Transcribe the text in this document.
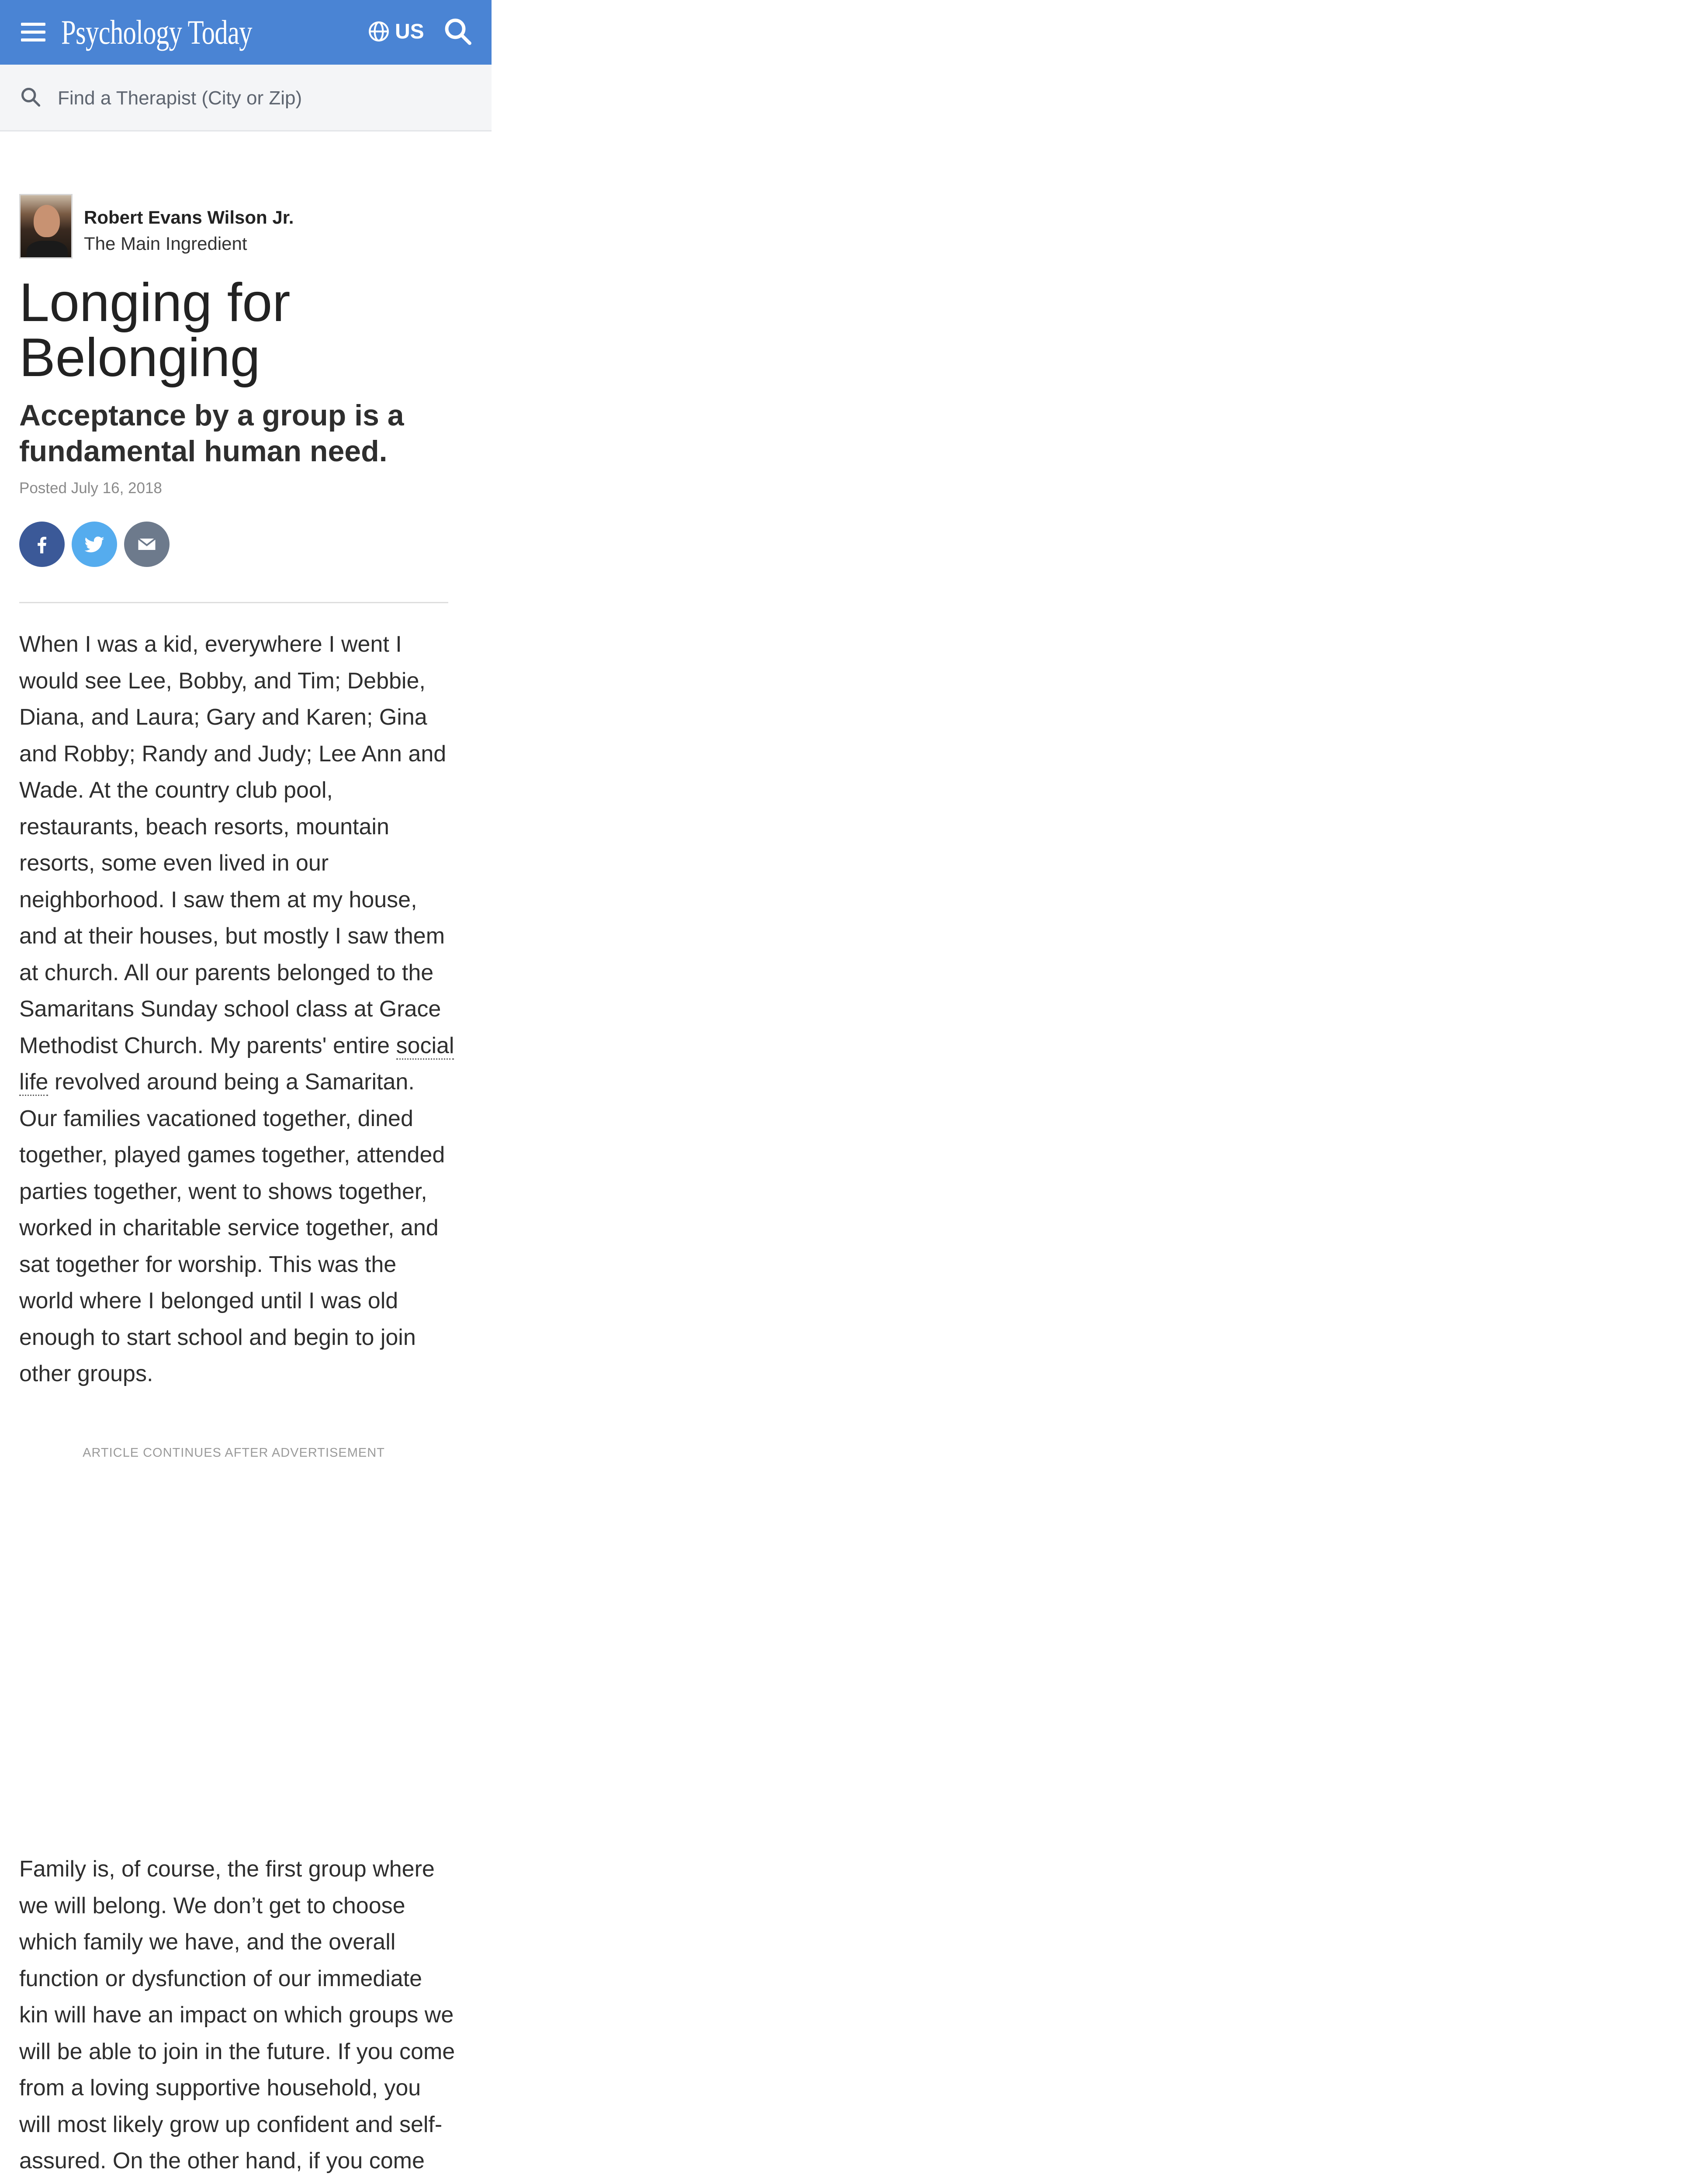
Psychology Today	US
Find a Therapist (City or Zip)
Robert Evans Wilson Jr.
The Main Ingredient
Longing for Belonging
Acceptance by a group is a fundamental human need.
Posted July 16, 2018

When I was a kid, everywhere I went I would see Lee, Bobby, and Tim; Debbie, Diana, and Laura; Gary and Karen; Gina and Robby; Randy and Judy; Lee Ann and Wade. At the country club pool, restaurants, beach resorts, mountain resorts, some even lived in our neighborhood. I saw them at my house, and at their houses, but mostly I saw them at church. All our parents belonged to the Samaritans Sunday school class at Grace Methodist Church. My parents' entire social life revolved around being a Samaritan. Our families vacationed together, dined together, played games together, attended parties together, went to shows together, worked in charitable service together, and sat together for worship. This was the world where I belonged until I was old enough to start school and begin to join other groups.

ARTICLE CONTINUES AFTER ADVERTISEMENT

Family is, of course, the first group where we will belong. We don’t get to choose which family we have, and the overall function or dysfunction of our immediate kin will have an impact on which groups we will be able to join in the future. If you come from a loving supportive household, you will most likely grow up confident and self-assured. On the other hand, if you come
